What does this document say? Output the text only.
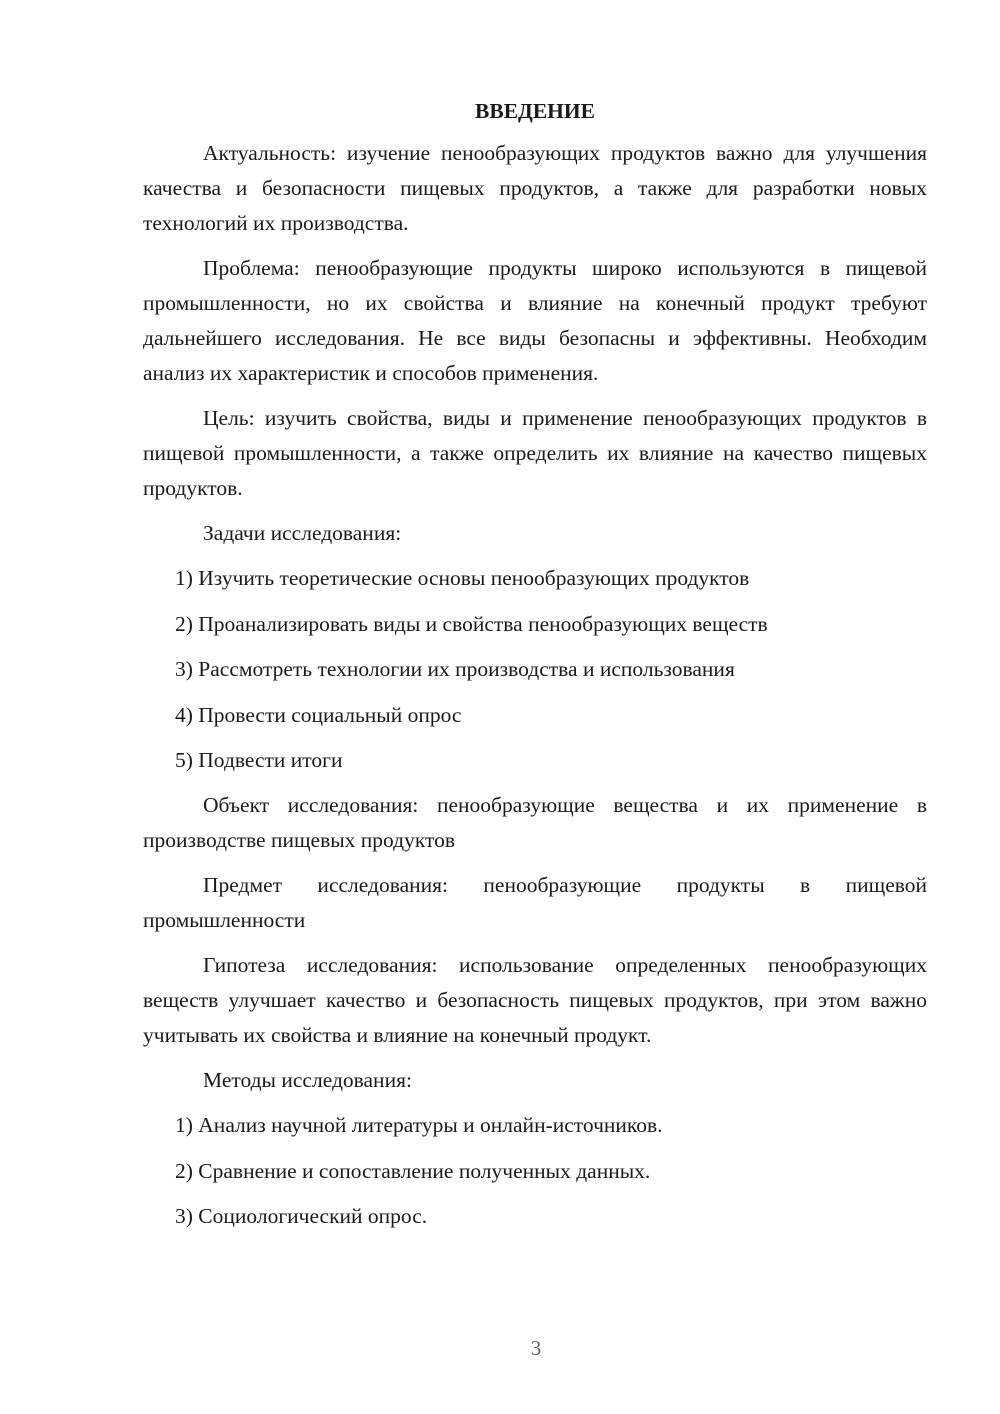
ВВЕДЕНИЕ

Актуальность: изучение пенообразующих продуктов важно для улучшения качества и безопасности пищевых продуктов, а также для разработки новых технологий их производства.

Проблема: пенообразующие продукты широко используются в пищевой промышленности, но их свойства и влияние на конечный продукт требуют дальнейшего исследования. Не все виды безопасны и эффективны. Необходим анализ их характеристик и способов применения.

Цель: изучить свойства, виды и применение пенообразующих продуктов в пищевой промышленности, а также определить их влияние на качество пищевых продуктов.

Задачи исследования:

1) Изучить теоретические основы пенообразующих продуктов
2) Проанализировать виды и свойства пенообразующих веществ
3) Рассмотреть технологии их производства и использования
4) Провести социальный опрос
5) Подвести итоги

Объект исследования: пенообразующие вещества и их применение в производстве пищевых продуктов

Предмет исследования: пенообразующие продукты в пищевой промышленности

Гипотеза исследования: использование определенных пенообразующих веществ улучшает качество и безопасность пищевых продуктов, при этом важно учитывать их свойства и влияние на конечный продукт.

Методы исследования:

1) Анализ научной литературы и онлайн-источников.
2) Сравнение и сопоставление полученных данных.
3) Социологический опрос.
3
